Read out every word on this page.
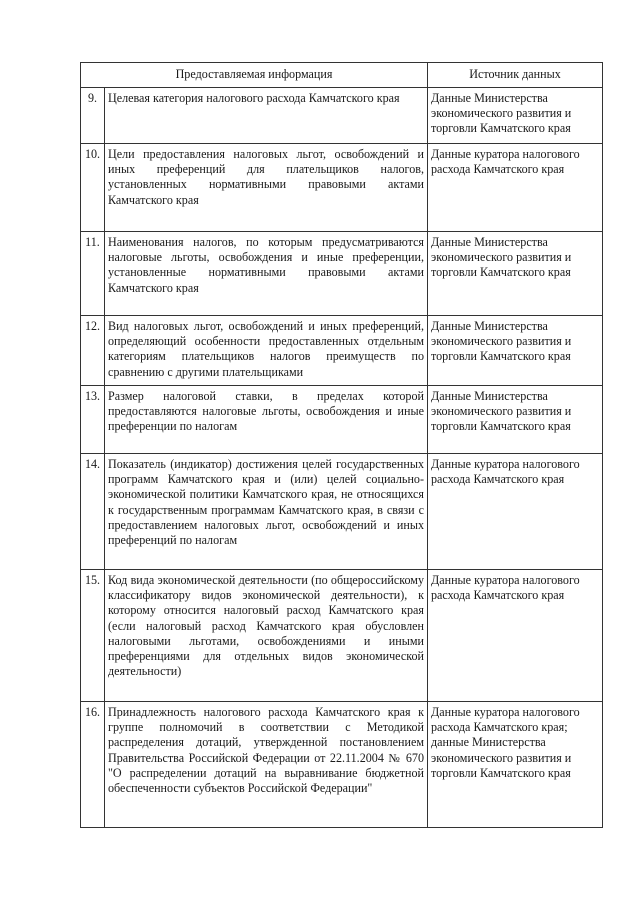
Предоставляемая информация		Источник данных
9.	Целевая категория налогового расхода Камчатского края	Данные Министерства экономического развития и торговли Камчатского края

10.	Цели предоставления налоговых льгот, освобождений и иных преференций для плательщиков налогов, установленных нормативными правовыми актами Камчатского края	Данные куратора налогового расхода Камчатского края

11.	Наименования налогов, по которым предусматриваются налоговые льготы, освобождения и иные преференции, установленные нормативными правовыми актами Камчатского края	Данные Министерства экономического развития и торговли Камчатского края

12.	Вид налоговых льгот, освобождений и иных преференций, определяющий особенности предоставленных отдельным категориям плательщиков налогов преимуществ по сравнению с другими плательщиками	Данные Министерства экономического развития и торговли Камчатского края

13.	Размер налоговой ставки, в пределах которой предоставляются налоговые льготы, освобождения и иные преференции по налогам	Данные Министерства экономического развития и торговли Камчатского края

14.	Показатель (индикатор) достижения целей государственных программ Камчатского края и (или) целей социально-экономической политики Камчатского края, не относящихся к государственным программам Камчатского края, в связи с предоставлением налоговых льгот, освобождений и иных преференций по налогам	Данные куратора налогового расхода Камчатского края

15.	Код вида экономической деятельности (по общероссийскому классификатору видов экономической деятельности), к которому относится налоговый расход Камчатского края (если налоговый расход Камчатского края обусловлен налоговыми льготами, освобождениями и иными преференциями для отдельных видов экономической деятельности)	Данные куратора налогового расхода Камчатского края

16.	Принадлежность налогового расхода Камчатского края к группе полномочий в соответствии с Методикой распределения дотаций, утвержденной постановлением Правительства Российской Федерации от 22.11.2004 № 670 "О распределении дотаций на выравнивание бюджетной обеспеченности субъектов Российской Федерации"	Данные куратора налогового расхода Камчатского края; данные Министерства экономического развития и торговли Камчатского края
